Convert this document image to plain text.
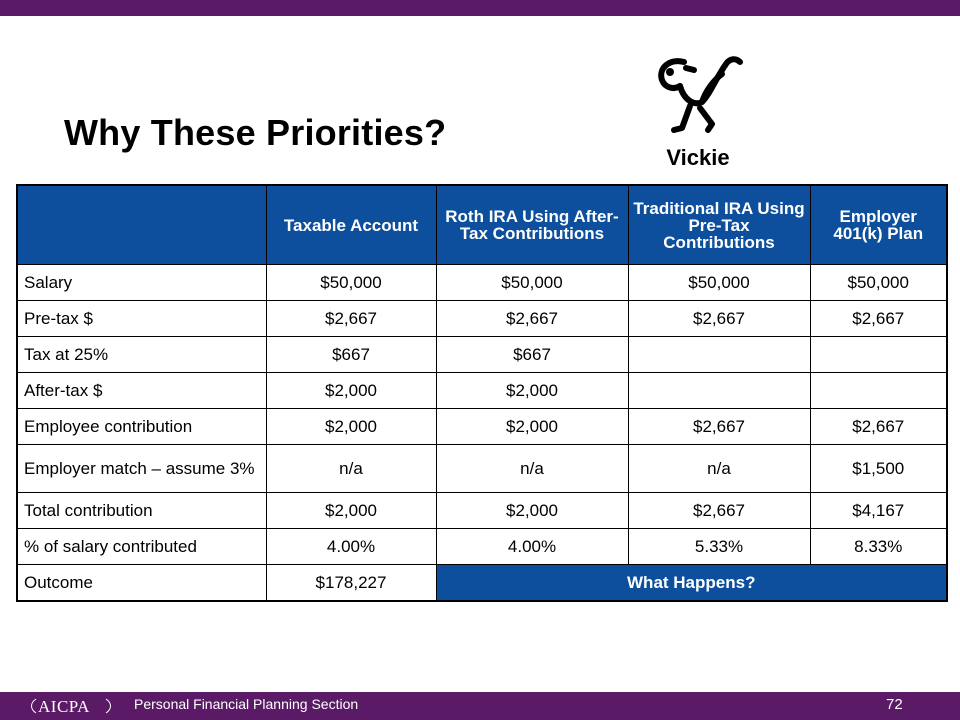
Why These Priorities?
Vickie
	Taxable Account	Roth IRA Using After-Tax Contributions	Traditional IRA Using Pre-Tax Contributions	Employer 401(k) Plan
Salary	$50,000	$50,000	$50,000	$50,000
Pre-tax $	$2,667	$2,667	$2,667	$2,667
Tax at 25%	$667	$667		
After-tax $	$2,000	$2,000		
Employee contribution	$2,000	$2,000	$2,667	$2,667
Employer match – assume 3%	n/a	n/a	n/a	$1,500
Total contribution	$2,000	$2,000	$2,667	$4,167
% of salary contributed	4.00%	4.00%	5.33%	8.33%
Outcome	$178,227	What Happens?		
AICPA	Personal Financial Planning Section	72
